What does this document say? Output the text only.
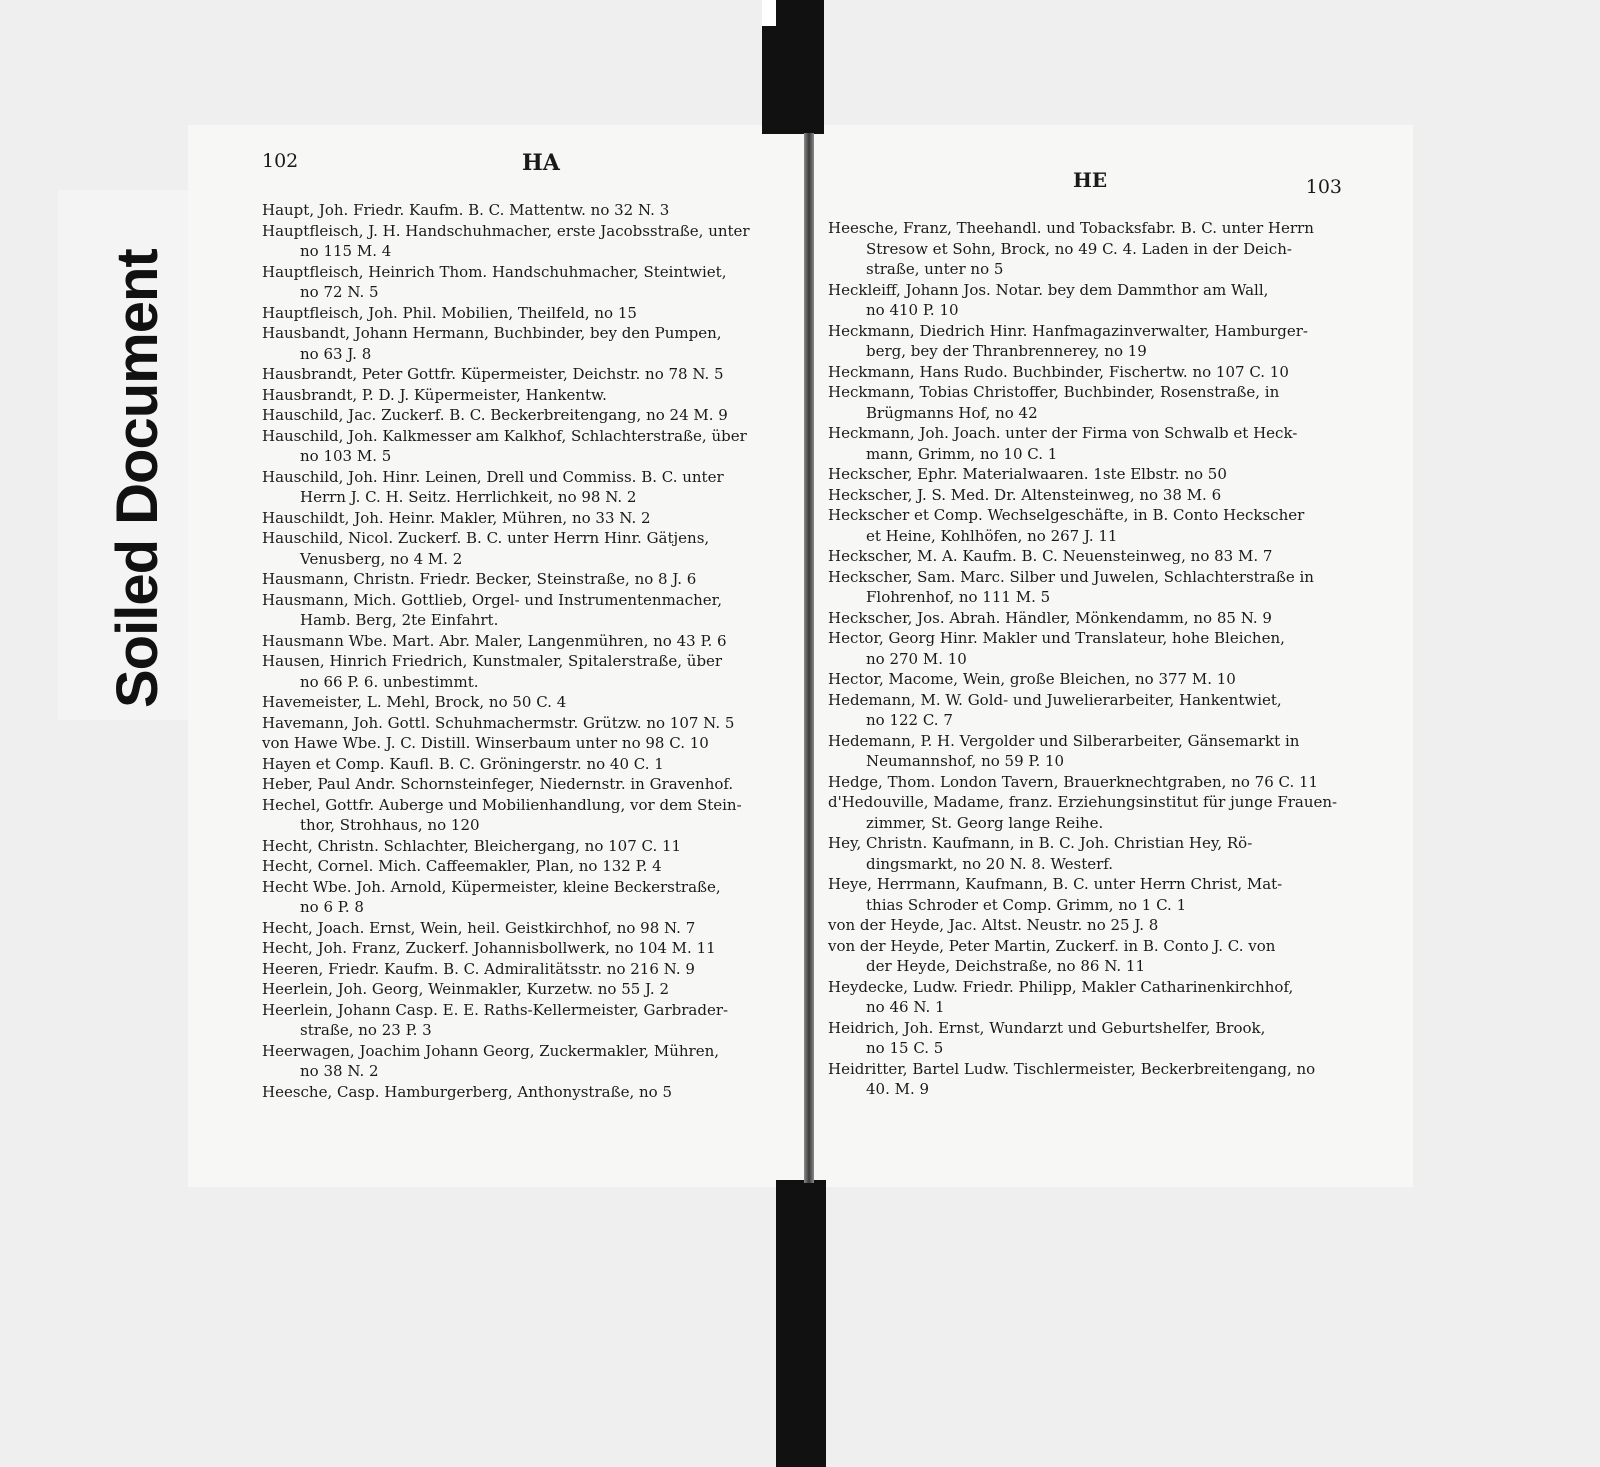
Soiled Document
102	HA
Haupt, Joh. Friedr. Kaufm. B. C. Mattentw. no 32 N. 3
Hauptfleisch, J. H. Handschuhmacher, erste Jacobsstraße, unter
no 115 M. 4
Hauptfleisch, Heinrich Thom. Handschuhmacher, Steintwiet,
no 72 N. 5
Hauptfleisch, Joh. Phil. Mobilien, Theilfeld, no 15
Hausbandt, Johann Hermann, Buchbinder, bey den Pumpen,
no 63 J. 8
Hausbrandt, Peter Gottfr. Küpermeister, Deichstr. no 78 N. 5
Hausbrandt, P. D. J. Küpermeister, Hankentw.
Hauschild, Jac. Zuckerf. B. C. Beckerbreitengang, no 24 M. 9
Hauschild, Joh. Kalkmesser am Kalkhof, Schlachterstraße, über
no 103 M. 5
Hauschild, Joh. Hinr. Leinen, Drell und Commiss. B. C. unter
Herrn J. C. H. Seitz. Herrlichkeit, no 98 N. 2
Hauschildt, Joh. Heinr. Makler, Mühren, no 33 N. 2
Hauschild, Nicol. Zuckerf. B. C. unter Herrn Hinr. Gätjens,
Venusberg, no 4 M. 2
Hausmann, Christn. Friedr. Becker, Steinstraße, no 8 J. 6
Hausmann, Mich. Gottlieb, Orgel- und Instrumentenmacher,
Hamb. Berg, 2te Einfahrt.
Hausmann Wbe. Mart. Abr. Maler, Langenmühren, no 43 P. 6
Hausen, Hinrich Friedrich, Kunstmaler, Spitalerstraße, über
no 66 P. 6. unbestimmt.
Havemeister, L. Mehl, Brock, no 50 C. 4
Havemann, Joh. Gottl. Schuhmachermstr. Grützw. no 107 N. 5
von Hawe Wbe. J. C. Distill. Winserbaum unter no 98 C. 10
Hayen et Comp. Kaufl. B. C. Gröningerstr. no 40 C. 1
Heber, Paul Andr. Schornsteinfeger, Niedernstr. in Gravenhof.
Hechel, Gottfr. Auberge und Mobilienhandlung, vor dem Stein-
thor, Strohhaus, no 120
Hecht, Christn. Schlachter, Bleichergang, no 107 C. 11
Hecht, Cornel. Mich. Caffeemakler, Plan, no 132 P. 4
Hecht Wbe. Joh. Arnold, Küpermeister, kleine Beckerstraße,
no 6 P. 8
Hecht, Joach. Ernst, Wein, heil. Geistkirchhof, no 98 N. 7
Hecht, Joh. Franz, Zuckerf. Johannisbollwerk, no 104 M. 11
Heeren, Friedr. Kaufm. B. C. Admiralitätsstr. no 216 N. 9
Heerlein, Joh. Georg, Weinmakler, Kurzetw. no 55 J. 2
Heerlein, Johann Casp. E. E. Raths-Kellermeister, Garbrader-
straße, no 23 P. 3
Heerwagen, Joachim Johann Georg, Zuckermakler, Mühren,
no 38 N. 2
Heesche, Casp. Hamburgerberg, Anthonystraße, no 5
HE	103
Heesche, Franz, Theehandl. und Tobacksfabr. B. C. unter Herrn
Stresow et Sohn, Brock, no 49 C. 4. Laden in der Deich-
straße, unter no 5
Heckleiff, Johann Jos. Notar. bey dem Dammthor am Wall,
no 410 P. 10
Heckmann, Diedrich Hinr. Hanfmagazinverwalter, Hamburger-
berg, bey der Thranbrennerey, no 19
Heckmann, Hans Rudo. Buchbinder, Fischertw. no 107 C. 10
Heckmann, Tobias Christoffer, Buchbinder, Rosenstraße, in
Brügmanns Hof, no 42
Heckmann, Joh. Joach. unter der Firma von Schwalb et Heck-
mann, Grimm, no 10 C. 1
Heckscher, Ephr. Materialwaaren. 1ste Elbstr. no 50
Heckscher, J. S. Med. Dr. Altensteinweg, no 38 M. 6
Heckscher et Comp. Wechselgeschäfte, in B. Conto Heckscher
et Heine, Kohlhöfen, no 267 J. 11
Heckscher, M. A. Kaufm. B. C. Neuensteinweg, no 83 M. 7
Heckscher, Sam. Marc. Silber und Juwelen, Schlachterstraße in
Flohrenhof, no 111 M. 5
Heckscher, Jos. Abrah. Händler, Mönkendamm, no 85 N. 9
Hector, Georg Hinr. Makler und Translateur, hohe Bleichen,
no 270 M. 10
Hector, Macome, Wein, große Bleichen, no 377 M. 10
Hedemann, M. W. Gold- und Juwelierarbeiter, Hankentwiet,
no 122 C. 7
Hedemann, P. H. Vergolder und Silberarbeiter, Gänsemarkt in
Neumannshof, no 59 P. 10
Hedge, Thom. London Tavern, Brauerknechtgraben, no 76 C. 11
d'Hedouville, Madame, franz. Erziehungsinstitut für junge Frauen-
zimmer, St. Georg lange Reihe.
Hey, Christn. Kaufmann, in B. C. Joh. Christian Hey, Rö-
dingsmarkt, no 20 N. 8. Westerf.
Heye, Herrmann, Kaufmann, B. C. unter Herrn Christ, Mat-
thias Schroder et Comp. Grimm, no 1 C. 1
von der Heyde, Jac. Altst. Neustr. no 25 J. 8
von der Heyde, Peter Martin, Zuckerf. in B. Conto J. C. von
der Heyde, Deichstraße, no 86 N. 11
Heydecke, Ludw. Friedr. Philipp, Makler Catharinenkirchhof,
no 46 N. 1
Heidrich, Joh. Ernst, Wundarzt und Geburtshelfer, Brook,
no 15 C. 5
Heidritter, Bartel Ludw. Tischlermeister, Beckerbreitengang, no
40. M. 9
